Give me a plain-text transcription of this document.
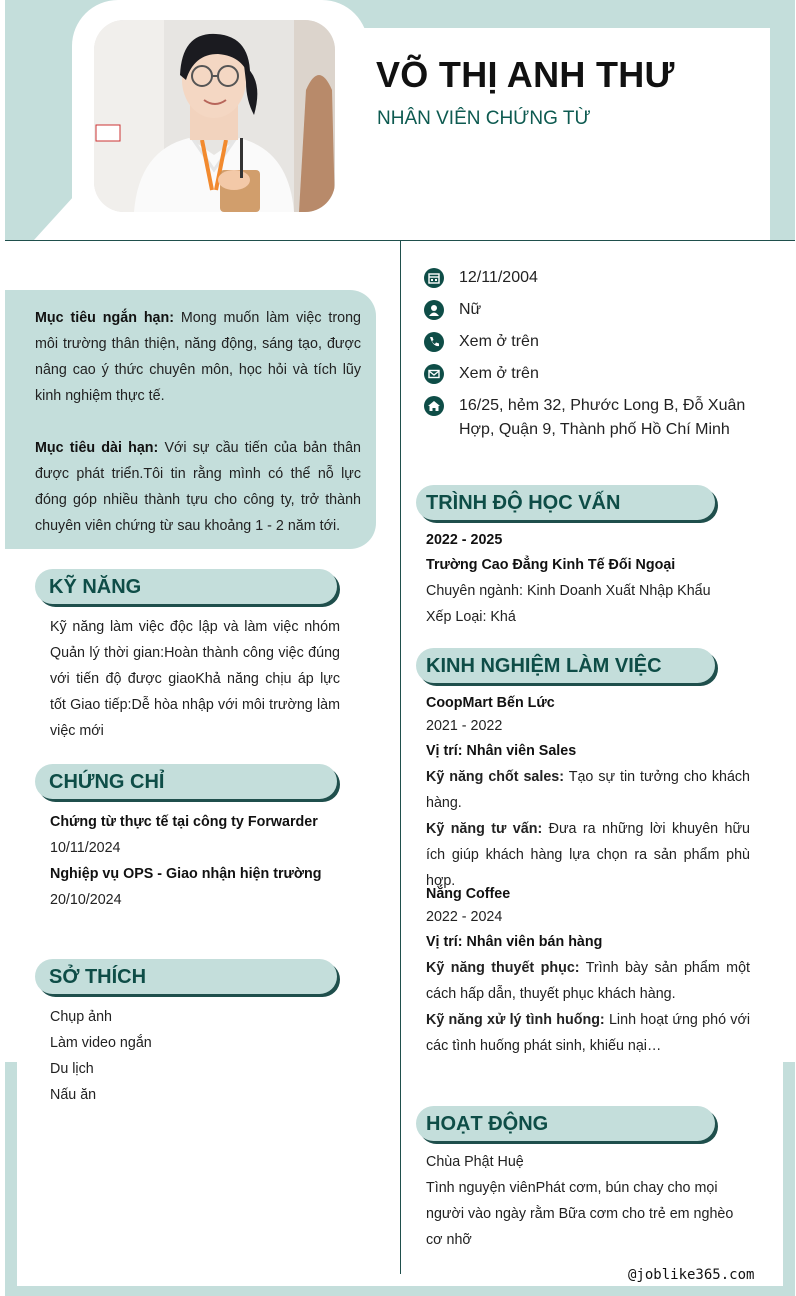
VÕ THỊ ANH THƯ
NHÂN VIÊN CHỨNG TỪ
12/11/2004
Nữ
Xem ở trên
Xem ở trên
16/25, hẻm 32, Phước Long B, Đỗ Xuân Hợp, Quận 9, Thành phố Hồ Chí Minh

Mục tiêu ngắn hạn: Mong muốn làm việc trong môi trường thân thiện, năng động, sáng tạo, được nâng cao ý thức chuyên môn, học hỏi và tích lũy kinh nghiệm thực tế.

Mục tiêu dài hạn: Với sự cầu tiến của bản thân được phát triển.Tôi tin rằng mình có thể nỗ lực đóng góp nhiều thành tựu cho công ty, trở thành chuyên viên chứng từ sau khoảng 1 - 2 năm tới.

KỸ NĂNG
Kỹ năng làm việc độc lập và làm việc nhóm Quản lý thời gian:Hoàn thành công việc đúng với tiến độ được giaoKhả năng chịu áp lực tốt Giao tiếp:Dễ hòa nhập với môi trường làm việc mới
CHỨNG CHỈ
Chứng từ thực tế tại công ty Forwarder
10/11/2024
Nghiệp vụ OPS - Giao nhận hiện trường
20/10/2024
SỞ THÍCH
Chụp ảnh
Làm video ngắn
Du lịch
Nấu ăn
TRÌNH ĐỘ HỌC VẤN
2022 - 2025
Trường Cao Đẳng Kinh Tế Đối Ngoại
Chuyên ngành: Kinh Doanh Xuất Nhập Khẩu
Xếp Loại: Khá
KINH NGHIỆM LÀM VIỆC
CoopMart Bến Lức
2021 - 2022
Vị trí: Nhân viên Sales
Kỹ năng chốt sales: Tạo sự tin tưởng cho khách hàng.
Kỹ năng tư vấn: Đưa ra những lời khuyên hữu ích giúp khách hàng lựa chọn ra sản phẩm phù hợp.
Nắng Coffee
2022 - 2024
Vị trí: Nhân viên bán hàng
Kỹ năng thuyết phục: Trình bày sản phẩm một cách hấp dẫn, thuyết phục khách hàng.
Kỹ năng xử lý tình huống: Linh hoạt ứng phó với các tình huống phát sinh, khiếu nại…
HOẠT ĐỘNG
Chùa Phật Huệ
Tình nguyện viênPhát cơm, bún chay cho mọi người vào ngày rằm Bữa cơm cho trẻ em nghèo cơ nhỡ
@joblike365.com
